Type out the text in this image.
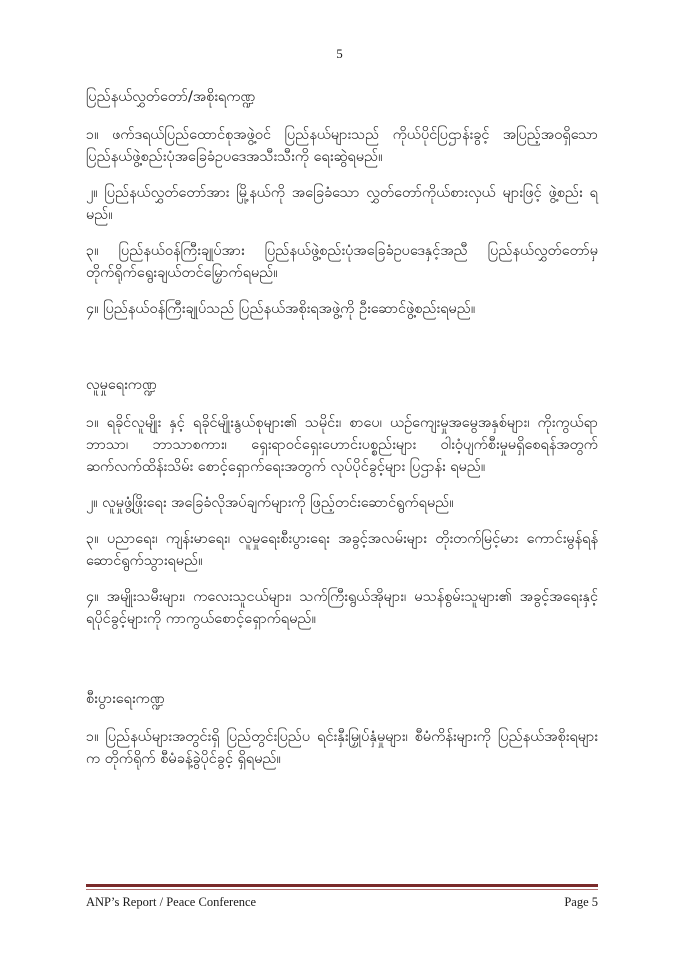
5

ပြည်နယ်လွှတ်တော်/အစိုးရကဏ္ဍ

၁။ ဖက်ဒရယ်ပြည်ထောင်စုအဖွဲ့ဝင် ပြည်နယ်များသည် ကိုယ်ပိုင်ပြဌာန်းခွင့် အပြည့်အဝရှိသော ပြည်နယ်ဖွဲ့စည်းပုံအခြေခံဥပဒေအသီးသီးကို ရေးဆွဲရမည်။

၂။ ပြည်နယ်လွှတ်တော်အား မြို့နယ်ကို အခြေခံသော လွှတ်တော်ကိုယ်စားလှယ် များဖြင့် ဖွဲ့စည်း ရမည်။

၃။ ပြည်နယ်ဝန်ကြီးချုပ်အား ပြည်နယ်ဖွဲ့စည်းပုံအခြေခံဥပဒေနှင့်အညီ ပြည်နယ်လွှတ်တော်မှ တိုက်ရိုက်ရွေးချယ်တင်မြှောက်ရမည်။

၄။ ပြည်နယ်ဝန်ကြီးချုပ်သည် ပြည်နယ်အစိုးရအဖွဲ့ကို ဦးဆောင်ဖွဲ့စည်းရမည်။

လူမှုရေးကဏ္ဍ

၁။ ရခိုင်လူမျိုး နှင့် ရခိုင်မျိုးနွယ်စုများ၏ သမိုင်း၊ စာပေ၊ ယဉ်ကျေးမှုအမွေအနှစ်များ၊ ကိုးကွယ်ရာ ဘာသာ၊ ဘာသာစကား၊ ရှေးရာဝင်ရှေးဟောင်းပစ္စည်းများ ဝါးဝံ့ပျက်စီးမှုမရှိစေရန်အတွက် ဆက်လက်ထိန်းသိမ်း စောင့်ရှောက်ရေးအတွက် လုပ်ပိုင်ခွင့်များ ပြဌာန်း ရမည်။

၂။ လူမှုဖွံ့ဖြိုးရေး အခြေခံလိုအပ်ချက်များကို ဖြည့်တင်းဆောင်ရွက်ရမည်။

၃။ ပညာရေး၊ ကျန်းမာရေး၊ လူမှုရေးစီးပွားရေး အခွင့်အလမ်းများ တိုးတက်မြင့်မား ကောင်းမွန်ရန် ဆောင်ရွက်သွားရမည်။

၄။ အမျိုးသမီးများ၊ ကလေးသူငယ်များ၊ သက်ကြီးရွယ်အိုများ၊ မသန်စွမ်းသူများ၏ အခွင့်အရေးနှင့် ရပိုင်ခွင့်များကို ကာကွယ်စောင့်ရှောက်ရမည်။

စီးပွားရေးကဏ္ဍ

၁။ ပြည်နယ်များအတွင်းရှိ ပြည်တွင်းပြည်ပ ရင်းနှီးမြှုပ်နှံမှုများ၊ စီမံကိန်းများကို ပြည်နယ်အစိုးရများက တိုက်ရိုက် စီမံခန့်ခွဲပိုင်ခွင့် ရှိရမည်။

ANP’s Report / Peace Conference	Page 5
